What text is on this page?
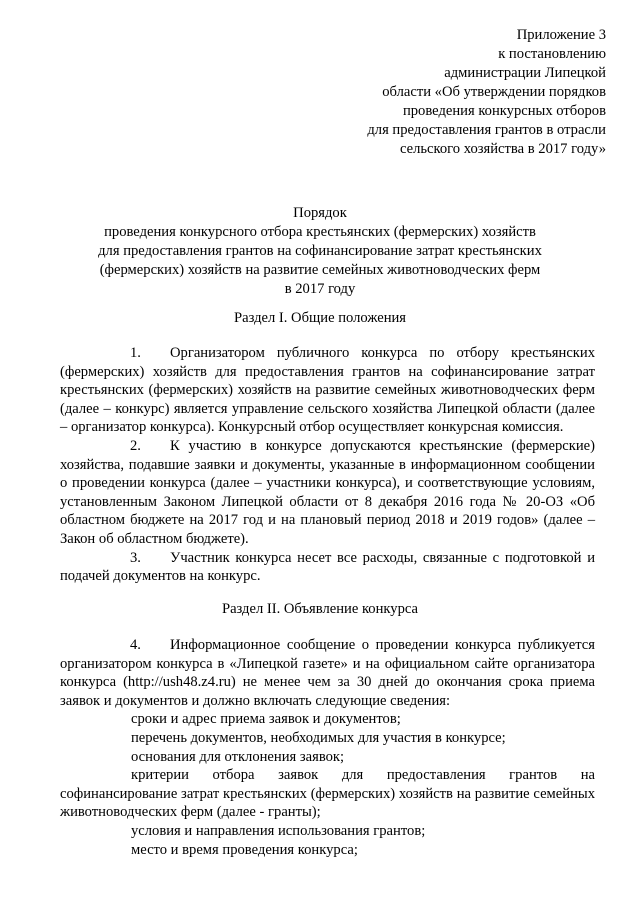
Приложение 3
к постановлению
администрации Липецкой
области «Об утверждении порядков
проведения конкурсных отборов
для предоставления грантов в отрасли
сельского хозяйства в 2017 году»
Порядок
проведения конкурсного отбора крестьянских (фермерских) хозяйств
для предоставления грантов на софинансирование затрат крестьянских
(фермерских) хозяйств на развитие семейных животноводческих ферм
в 2017 году
Раздел I. Общие положения

1. Организатором публичного конкурса по отбору крестьянских (фермерских) хозяйств для предоставления грантов на софинансирование затрат крестьянских (фермерских) хозяйств на развитие семейных животноводческих ферм (далее – конкурс) является управление сельского хозяйства Липецкой области (далее – организатор конкурса). Конкурсный отбор осуществляет конкурсная комиссия.

2. К участию в конкурсе допускаются крестьянские (фермерские) хозяйства, подавшие заявки и документы, указанные в информационном сообщении о проведении конкурса (далее – участники конкурса), и соответствующие условиям, установленным Законом Липецкой области от 8 декабря 2016 года № 20-ОЗ «Об областном бюджете на 2017 год и на плановый период 2018 и 2019 годов» (далее – Закон об областном бюджете).

3. Участник конкурса несет все расходы, связанные с подготовкой и подачей документов на конкурс.

Раздел II. Объявление конкурса

4. Информационное сообщение о проведении конкурса публикуется организатором конкурса в «Липецкой газете» и на официальном сайте организатора конкурса (http://ush48.z4.ru) не менее чем за 30 дней до окончания срока приема заявок и документов и должно включать следующие сведения:

сроки и адрес приема заявок и документов;

перечень документов, необходимых для участия в конкурсе;

основания для отклонения заявок;

критерии отбора заявок для предоставления грантов на софинансирование затрат крестьянских (фермерских) хозяйств на развитие семейных животноводческих ферм (далее - гранты);

условия и направления использования грантов;

место и время проведения конкурса;
